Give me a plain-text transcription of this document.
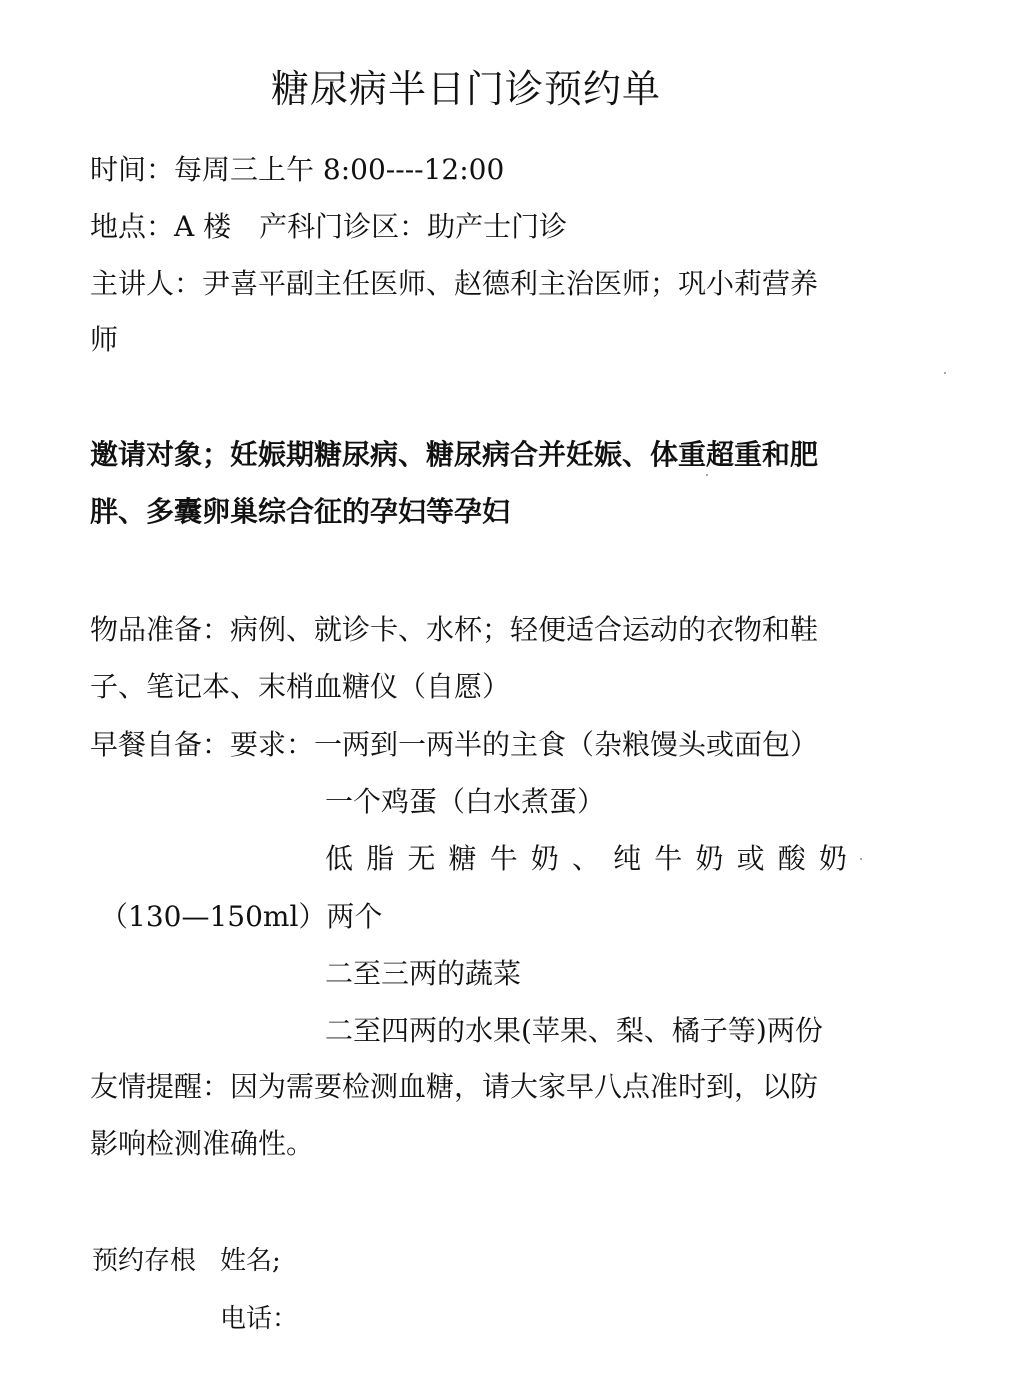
糖尿病半日门诊预约单
时间：每周三上午 8:00----12:00
地点：A 楼　产科门诊区：助产士门诊
主讲人：尹喜平副主任医师、赵德利主治医师；巩小莉营养
师
邀请对象；妊娠期糖尿病、糖尿病合并妊娠、体重超重和肥
胖、多囊卵巢综合征的孕妇等孕妇
物品准备：病例、就诊卡、水杯；轻便适合运动的衣物和鞋
子、笔记本、末梢血糖仪（自愿）
早餐自备：要求：一两到一两半的主食（杂粮馒头或面包）
一个鸡蛋（白水煮蛋）
低 脂 无 糖 牛 奶 、 纯 牛 奶 或 酸 奶
（130—150ml）两个
二至三两的蔬菜
二至四两的水果(苹果、梨、橘子等)两份
友情提醒：因为需要检测血糖，请大家早八点准时到，以防
影响检测准确性。
预约存根 姓名;
电话：
